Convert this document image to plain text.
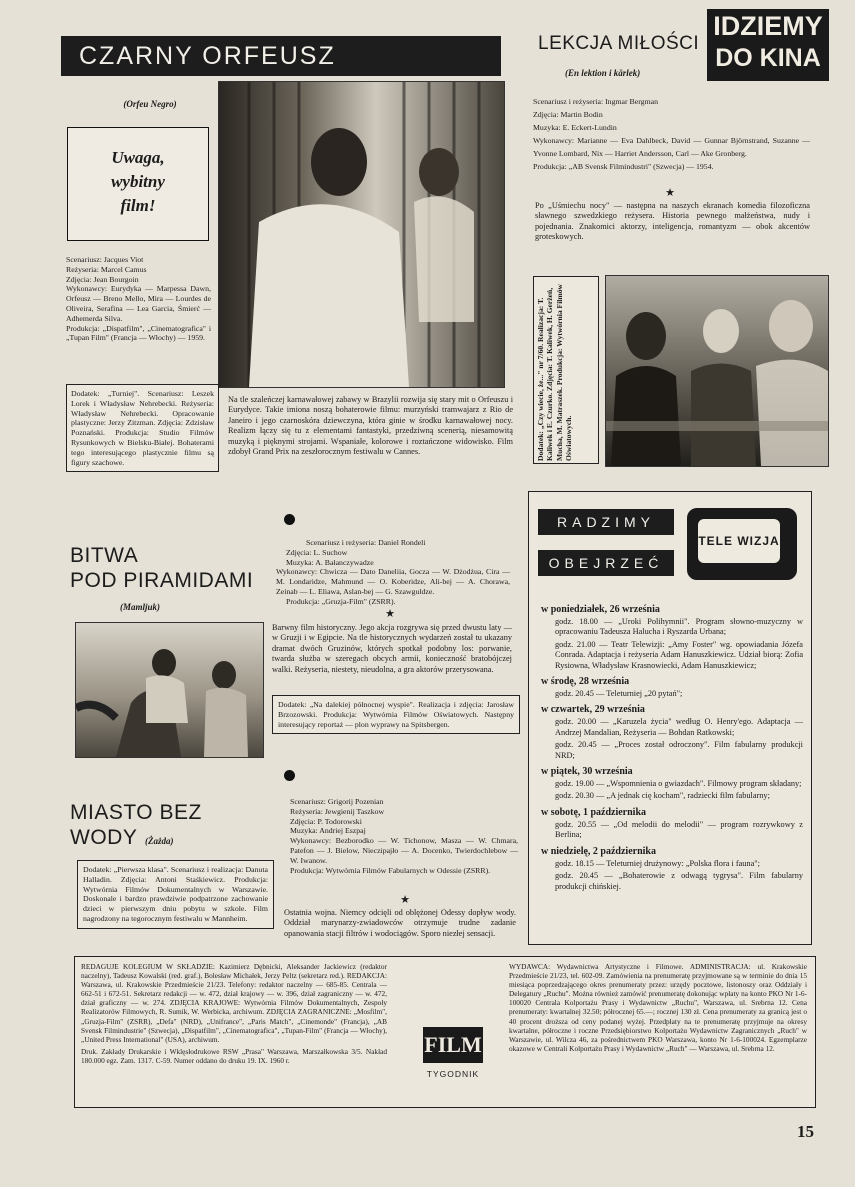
IDZIEMY
DO KINA
CZARNY ORFEUSZ
(Orfeu Negro)
Uwaga,
wybitny
film!

Scenariusz: Jacques Viot

Reżyseria: Marcel Camus

Zdjęcia: Jean Bourgoin

Wykonawcy: Eurydyka — Marpessa Dawn, Orfeusz — Breno Mello, Mira — Lourdes de Oliveira, Serafina — Lea Garcia, Śmierć — Adhemerda Silva.

Produkcja: „Dispatfilm", „Cinematografica" i „Tupan Film" (Francja — Włochy) — 1959.

Dodatek: „Turniej". Scenariusz: Leszek Lorek i Władysław Nehrebecki. Reżyseria: Władysław Nehrebecki. Opracowanie plastyczne: Jerzy Zitzman. Zdjęcia: Zdzisław Poznański. Produkcja: Studio Filmów Rysunkowych w Bielsku-Białej. Bohaterami tego interesującego plastycznie filmu są figury szachowe.
Na tle szaleńczej karnawałowej zabawy w Brazylii rozwija się stary mit o Orfeuszu i Eurydyce. Takie imiona noszą bohaterowie filmu: murzyński tramwajarz z Rio de Janeiro i jego czarnoskóra dziewczyna, która ginie w środku karnawałowej nocy. Realizm łączy się tu z elementami fantastyki, przedziwną scenerią, niesamowitą muzyką i pięknymi strojami. Wspaniałe, kolorowe i roztańczone widowisko. Film zdobył Grand Prix na zeszłorocznym festiwalu w Cannes.
LEKCJA MIŁOŚCI
(En lektion i kärlek)

Scenariusz i reżyseria: Ingmar Bergman

Zdjęcia: Martin Bodin

Muzyka: E. Eckert-Lundin

Wykonawcy: Marianne — Eva Dahlbeck, David — Gunnar Björnstrand, Suzanne — Yvonne Lombard, Nix — Harriet Andersson, Carl — Ake Gronberg.

Produkcja: „AB Svensk Filmindustri" (Szwecja) — 1954.

★
Po „Uśmiechu nocy" — następna na naszych ekranach komedia filozoficzna sławnego szwedzkiego reżysera. Historia pewnego małżeństwa, nudy i pojednania. Znakomici aktorzy, inteligencja, romantyzm — obok akcentów groteskowych.
Dodatek: „Czy wiecie, że..." nr 7/60. Realizacja: T. Kaliwek i E. Czurko. Zdjęcia: T. Kaliwek, H. Gerżeń, Mucha, M. Matraszek. Produkcja: Wytwórnia Filmów Oświatowych.
BITWA
POD PIRAMIDAMI
(Mamljuk)

Scenariusz i reżyseria: Daniel Rondeli

Zdjęcia: L. Suchow

Muzyka: A. Bałanczywadze

Wykonawcy: Chwicza — Dato Daneliia, Gocza — W. Dżodżua, Cira — M. Londaridze, Mahmund — O. Koberidze, Ali-bej — A. Chorawa, Zeinab — L. Eliawa, Aslan-bej — G. Szawguldze.

Produkcja: „Gruzja-Film" (ZSRR).

★
Barwny film historyczny. Jego akcja rozgrywa się przed dwustu laty — w Gruzji i w Egipcie. Na tle historycznych wydarzeń został tu ukazany dramat dwóch Gruzinów, których spotkał podobny los: porwanie, twarda służba w szeregach obcych armii, konieczność bratobójczej walki. Reżyseria, niestety, nieudolna, a gra aktorów przerysowana.
Dodatek: „Na dalekiej północnej wyspie". Realizacja i zdjęcia: Jarosław Brzozowski. Produkcja: Wytwórnia Filmów Oświatowych. Następny interesujący reportaż — plon wyprawy na Spitsbergen.
MIASTO BEZ WODY (Żażda)

Scenariusz: Grigorij Pozenian

Reżyseria: Jewgienij Taszkow

Zdjęcia: P. Todorowski

Muzyka: Andriej Eszpaj

Wykonawcy: Bezborodko — W. Tichonow, Masza — W. Chmara, Patefon — J. Bielow, Nieczipajło — A. Docenko, Twierdochlebow — W. Iwanow.

Produkcja: Wytwórnia Filmów Fabularnych w Odessie (ZSRR).

★
Ostatnia wojna. Niemcy odcięli od oblężonej Odessy dopływ wody. Oddział marynarzy-zwiadowców otrzymuje trudne zadanie opanowania stacji filtrów i wodociągów. Sporo niezłej sensacji.
Dodatek: „Pierwsza klasa". Scenariusz i realizacja: Danuta Halladin. Zdjęcia: Antoni Staśkiewicz. Produkcja: Wytwórnia Filmów Dokumentalnych w Warszawie. Doskonale i bardzo prawdziwie podpatrzone zachowanie dzieci w pierwszym dniu pobytu w szkole. Film nagrodzony na tegorocznym festiwalu w Mannheim.
RADZIMY
OBEJRZEĆ
TELE WIZJA
w poniedziałek, 26 września
godz. 18.00 — „Uroki Polihymnii". Program słowno-muzyczny w opracowaniu Tadeusza Halucha i Ryszarda Urbana;
godz. 21.00 — Teatr Telewizji: „Amy Foster" wg. opowiadania Józefa Conrada. Adaptacja i reżyseria Adam Hanuszkiewicz. Udział biorą: Zofia Rysiowna, Władysław Krasnowiecki, Adam Hanuszkiewicz;
w środę, 28 września
godz. 20.45 — Teleturniej „20 pytań";
w czwartek, 29 września
godz. 20.00 — „Karuzela życia" według O. Henry'ego. Adaptacja — Andrzej Mandalian, Reżyseria — Bohdan Ratkowski;
godz. 20.45 — „Proces został odroczony". Film fabularny produkcji NRD;
w piątek, 30 września
godz. 19.00 — „Wspomnienia o gwiazdach". Filmowy program składany;
godz. 20.30 — „A jednak cię kocham", radziecki film fabularny;
w sobotę, 1 października
godz. 20.55 — „Od melodii do melodii" — program rozrywkowy z Berlina;
w niedzielę, 2 października
godz. 18.15 — Teleturniej drużynowy: „Polska flora i fauna";
godz. 20.45 — „Bohaterowie z odwagą tygrysa". Film fabularny produkcji chińskiej.
REDAGUJE KOLEGIUM W SKŁADZIE: Kazimierz Dębnicki, Aleksander Jackiewicz (redaktor naczelny), Tadeusz Kowalski (red. graf.), Bolesław Michałek, Jerzy Peltz (sekretarz red.). REDAKCJA: Warszawa, ul. Krakowskie Przedmieście 21/23. Telefony: redaktor naczelny — 685-85. Centrala — 662-51 i 672-51. Sekretarz redakcji — w. 472, dział krajowy — w. 396, dział zagraniczny — w. 472, dział graficzny — w. 274. ZDJĘCIA KRAJOWE: Wytwórnia Filmów Dokumentalnych, Zespoły Realizatorów Filmowych, R. Sumik, W. Werbicka, archiwum. ZDJĘCIA ZAGRANICZNE: „Mosfilm", „Gruzja-Film" (ZSRR), „Defa" (NRD), „Unifrance", „Paris Match", „Cinemonde" (Francja), „AB Svensk Filmindustrie" (Szwecja), „Dispatfilm", „Cinematografica", „Tupan-Film" (Francja — Włochy), „United Press International" (USA), archiwum.
Druk. Zakłady Drukarskie i Wklęsłodrukowe RSW „Prasa" Warszawa, Marszałkowska 3/5. Nakład 180.000 egz. Zam. 1317. C-59. Numer oddano do druku 19. IX. 1960 r.
FILM
TYGODNIK
WYDAWCA: Wydawnictwa Artystyczne i Filmowe. ADMINISTRACJA: ul. Krakowskie Przedmieście 21/23, tel. 602-09. Zamówienia na prenumeratę przyjmowane są w terminie do dnia 15 miesiąca poprzedzającego okres prenumeraty przez: urzędy pocztowe, listonoszy oraz Oddziały i Delegatury „Ruchu". Można również zamówić prenumeratę dokonując wpłaty na konto PKO Nr 1-6-100020 Centrala Kolportażu Prasy i Wydawnictw „Ruchu", Warszawa, ul. Srebrna 12. Cena prenumeraty: kwartalnej 32.50; półrocznej 65.—; rocznej 130 zł. Cena prenumeraty za granicą jest o 40 procent droższa od ceny podanej wyżej. Przedpłaty na te prenumeratę przyjmuje na okresy kwartalne, półroczne i roczne Przedsiębiorstwo Kolportażu Wydawnictw Zagranicznych „Ruch" w Warszawie, ul. Wilcza 46, za pośrednictwem PKO Warszawa, konto Nr 1-6-100024. Egzemplarze okazowe w Centrali Kolportażu Prasy i Wydawnictw „Ruch" — Warszawa, ul. Srebrna 12.
15
